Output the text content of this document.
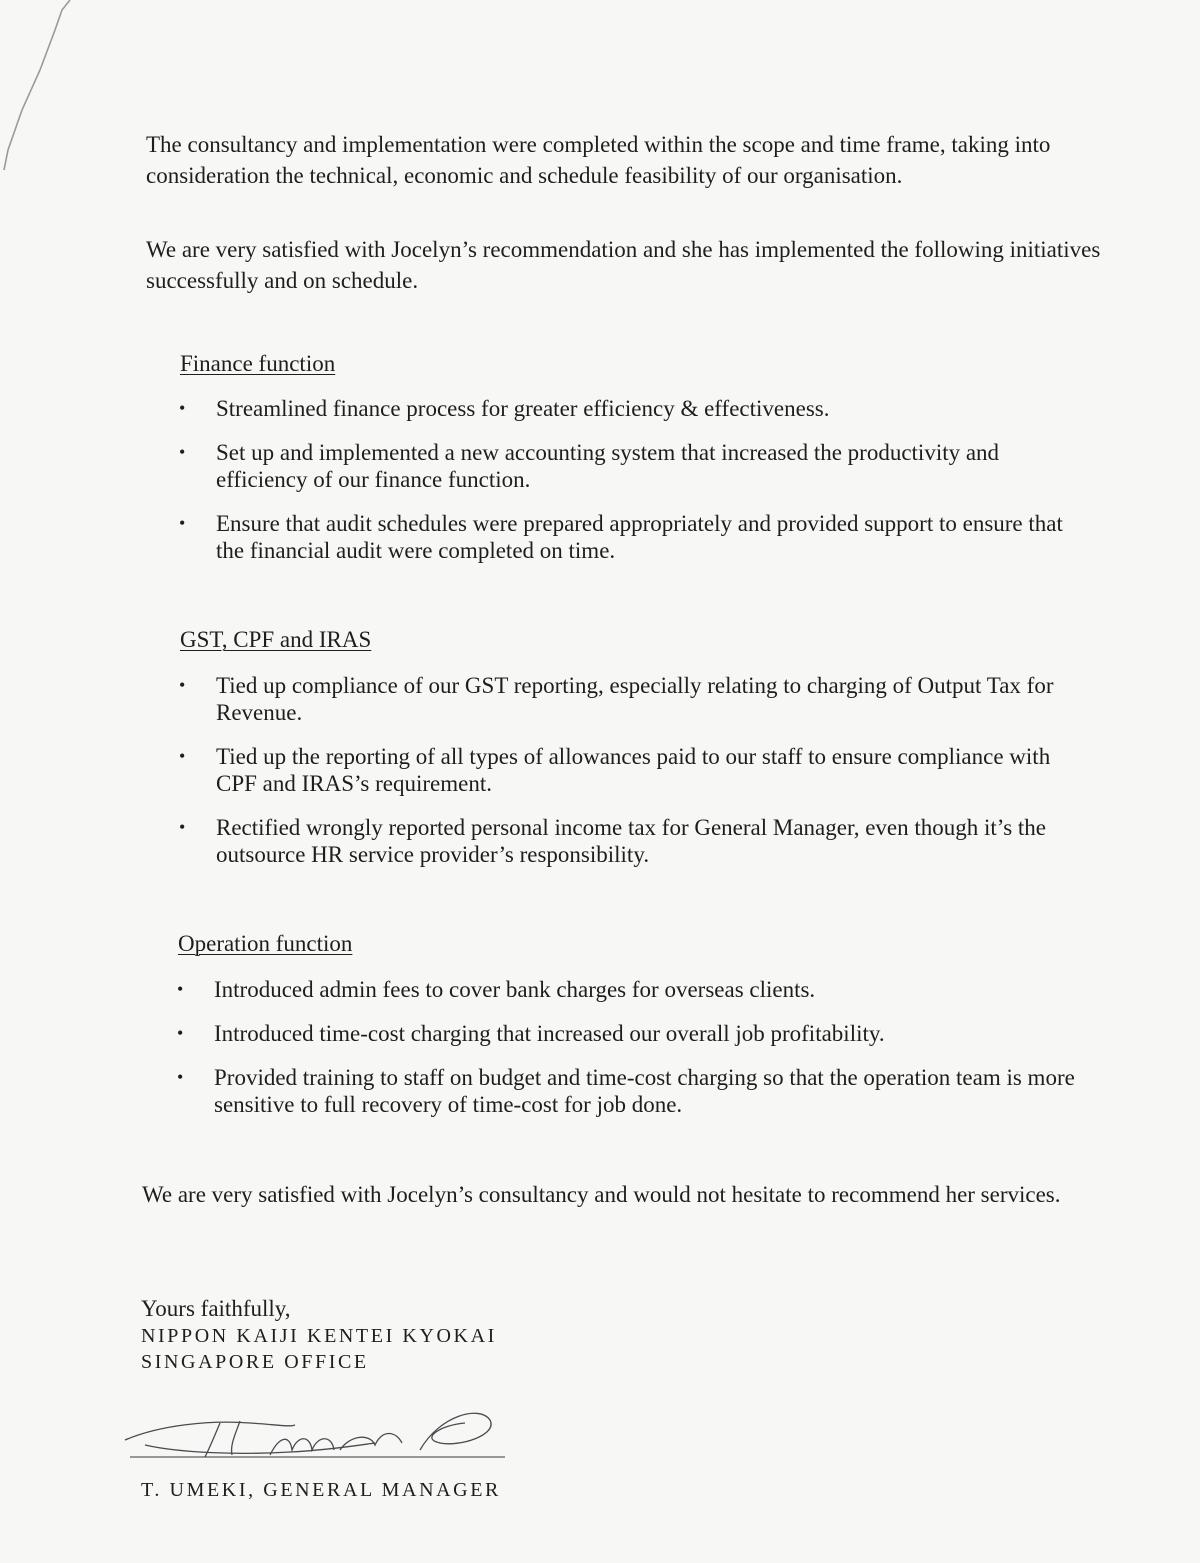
The consultancy and implementation were completed within the scope and time frame, taking into consideration the technical, economic and schedule feasibility of our organisation.

We are very satisfied with Jocelyn’s recommendation and she has implemented the following initiatives successfully and on schedule.

Finance function

• Streamlined finance process for greater efficiency & effectiveness.
• Set up and implemented a new accounting system that increased the productivity and efficiency of our finance function.
• Ensure that audit schedules were prepared appropriately and provided support to ensure that the financial audit were completed on time.

GST, CPF and IRAS

• Tied up compliance of our GST reporting, especially relating to charging of Output Tax for Revenue.
• Tied up the reporting of all types of allowances paid to our staff to ensure compliance with CPF and IRAS’s requirement.
• Rectified wrongly reported personal income tax for General Manager, even though it’s the outsource HR service provider’s responsibility.

Operation function

• Introduced admin fees to cover bank charges for overseas clients.
• Introduced time-cost charging that increased our overall job profitability.
• Provided training to staff on budget and time-cost charging so that the operation team is more sensitive to full recovery of time-cost for job done.

We are very satisfied with Jocelyn’s consultancy and would not hesitate to recommend her services.

Yours faithfully,
NIPPON KAIJI KENTEI KYOKAI
SINGAPORE OFFICE

T. UMEKI, GENERAL MANAGER
